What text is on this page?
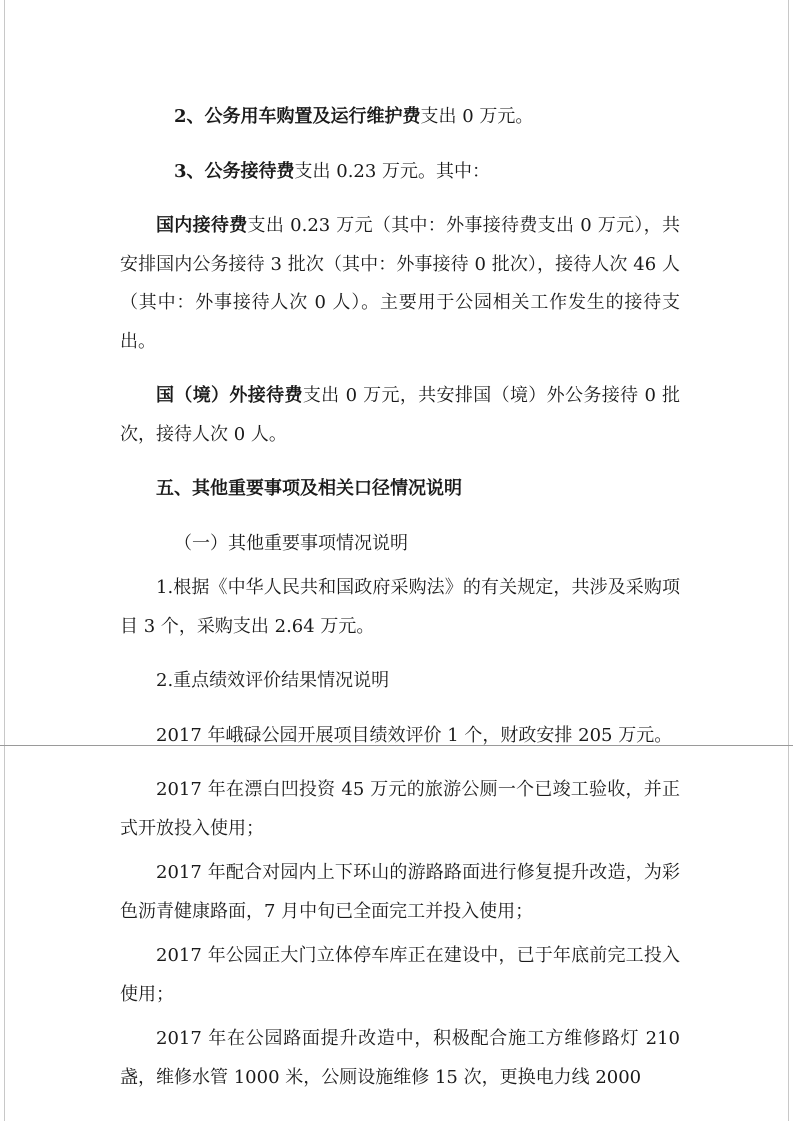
2、公务用车购置及运行维护费支出 0 万元。

3、公务接待费支出 0.23 万元。其中：

国内接待费支出 0.23 万元（其中：外事接待费支出 0 万元），共安排国内公务接待 3 批次（其中：外事接待 0 批次），接待人次 46 人（其中：外事接待人次 0 人）。主要用于公园相关工作发生的接待支出。

国（境）外接待费支出 0 万元，共安排国（境）外公务接待 0 批次，接待人次 0 人。

五、其他重要事项及相关口径情况说明

（一）其他重要事项情况说明

1.根据《中华人民共和国政府采购法》的有关规定，共涉及采购项目 3 个，采购支出 2.64 万元。

2.重点绩效评价结果情况说明

2017 年峨碌公园开展项目绩效评价 1 个，财政安排 205 万元。

2017 年在漂白凹投资 45 万元的旅游公厕一个已竣工验收，并正式开放投入使用；

2017 年配合对园内上下环山的游路路面进行修复提升改造，为彩色沥青健康路面，7 月中旬已全面完工并投入使用；

2017 年公园正大门立体停车库正在建设中，已于年底前完工投入使用；

2017 年在公园路面提升改造中，积极配合施工方维修路灯 210 盏，维修水管 1000 米，公厕设施维修 15 次，更换电力线 2000
